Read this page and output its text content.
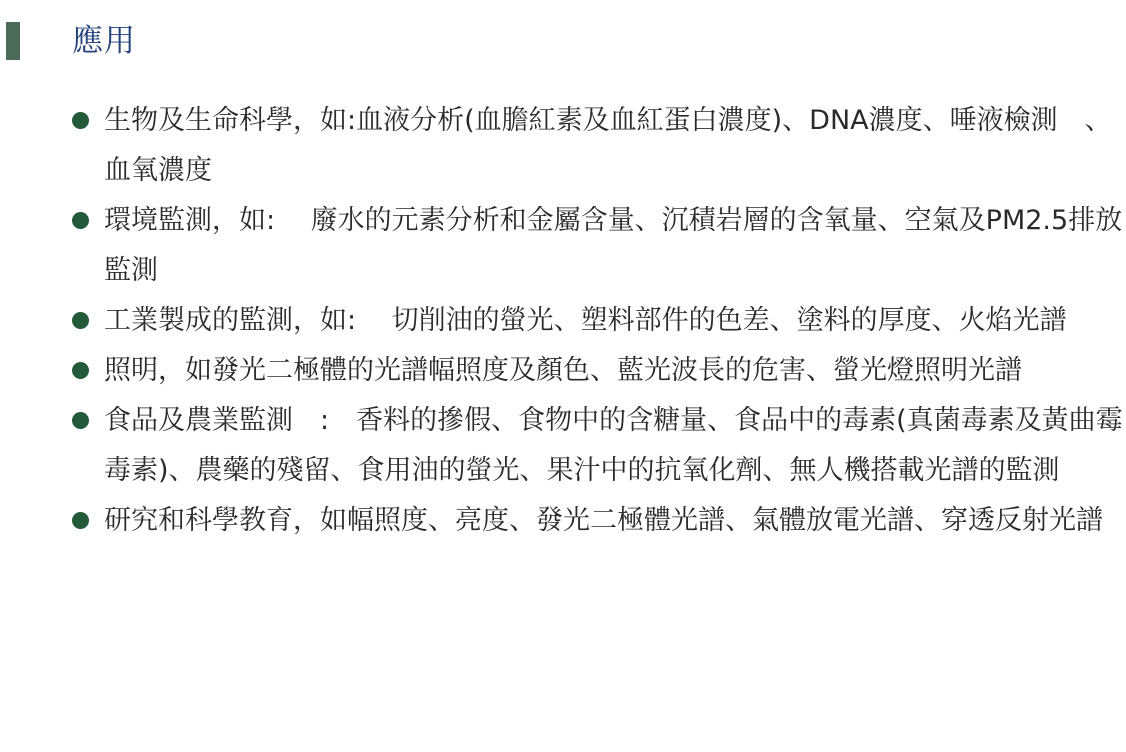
應用
生物及生命科學，如:血液分析(血膽紅素及血紅蛋白濃度)、DNA濃度、唾液檢測　、血氧濃度
環境監測，如:　 廢水的元素分析和金屬含量、沉積岩層的含氧量、空氣及PM2.5排放監測
工業製成的監測，如:　 切削油的螢光、塑料部件的色差、塗料的厚度、火焰光譜
照明，如發光二極體的光譜幅照度及顏色、藍光波長的危害、螢光燈照明光譜
食品及農業監測　:　香料的摻假、食物中的含糖量、食品中的毒素(真菌毒素及黃曲霉毒素)、農藥的殘留、食用油的螢光、果汁中的抗氧化劑、無人機搭載光譜的監測
研究和科學教育，如幅照度、亮度、發光二極體光譜、氣體放電光譜、穿透反射光譜
